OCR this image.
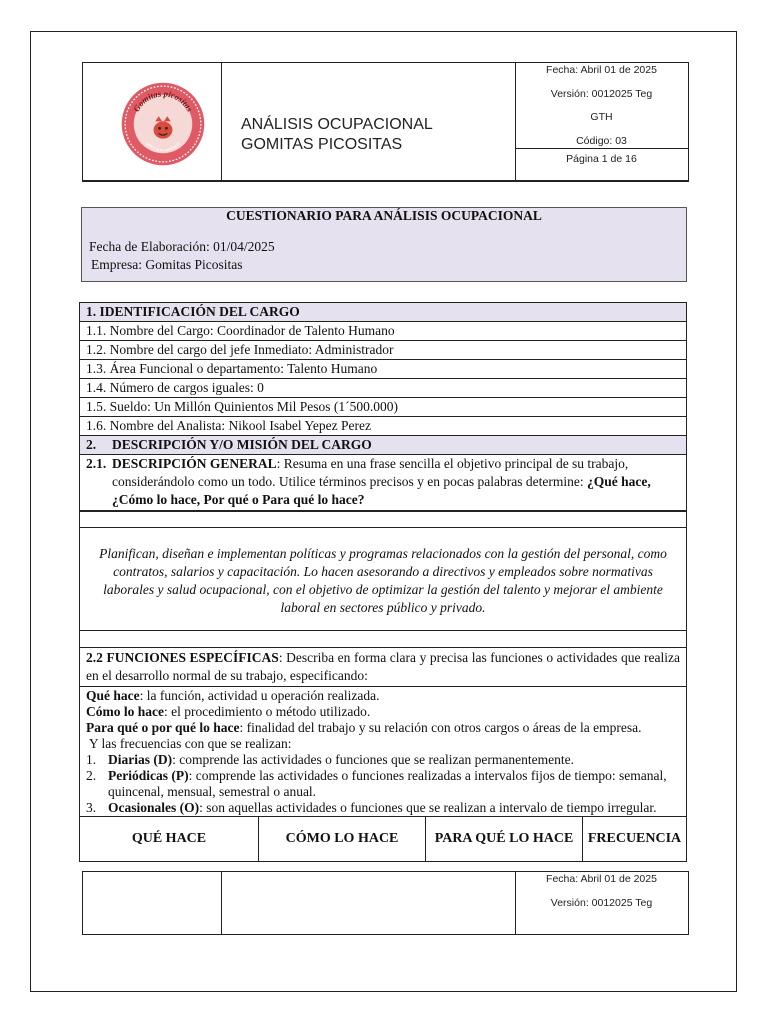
Gomitas picositas
sabor que cambia tu
ANÁLISIS OCUPACIONAL
GOMITAS PICOSITAS
Fecha: Abril 01 de 2025
Versión: 0012025 Teg
GTH
Código: 03
Página 1 de 16
CUESTIONARIO PARA ANÁLISIS OCUPACIONAL
Fecha de Elaboración: 01/04/2025
Empresa: Gomitas Picositas
1. IDENTIFICACIÓN DEL CARGO
1.1. Nombre del Cargo: Coordinador de Talento Humano
1.2. Nombre del cargo del jefe Inmediato: Administrador
1.3. Área Funcional o departamento: Talento Humano
1.4. Número de cargos iguales: 0
1.5. Sueldo: Un Millón Quinientos Mil Pesos (1´500.000)
1.6. Nombre del Analista: Nikool Isabel Yepez Perez
2. DESCRIPCIÓN Y/O MISIÓN DEL CARGO
2.1. DESCRIPCIÓN GENERAL: Resuma en una frase sencilla el objetivo principal de su trabajo, considerándolo como un todo. Utilice términos precisos y en pocas palabras determine: ¿Qué hace, ¿Cómo lo hace, Por qué o Para qué lo hace?
Planifican, diseñan e implementan políticas y programas relacionados con la gestión del personal, como contratos, salarios y capacitación. Lo hacen asesorando a directivos y empleados sobre normativas laborales y salud ocupacional, con el objetivo de optimizar la gestión del talento y mejorar el ambiente laboral en sectores público y privado.
2.2 FUNCIONES ESPECÍFICAS: Describa en forma clara y precisa las funciones o actividades que realiza en el desarrollo normal de su trabajo, especificando:
Qué hace: la función, actividad u operación realizada.
Cómo lo hace: el procedimiento o método utilizado.
Para qué o por qué lo hace: finalidad del trabajo y su relación con otros cargos o áreas de la empresa.
Y las frecuencias con que se realizan:
1. Diarias (D): comprende las actividades o funciones que se realizan permanentemente.
2. Periódicas (P): comprende las actividades o funciones realizadas a intervalos fijos de tiempo: semanal, quincenal, mensual, semestral o anual.
3. Ocasionales (O): son aquellas actividades o funciones que se realizan a intervalo de tiempo irregular.
QUÉ HACE	CÓMO LO HACE	PARA QUÉ LO HACE	FRECUENCIA
Fecha: Abril 01 de 2025
Versión: 0012025 Teg
